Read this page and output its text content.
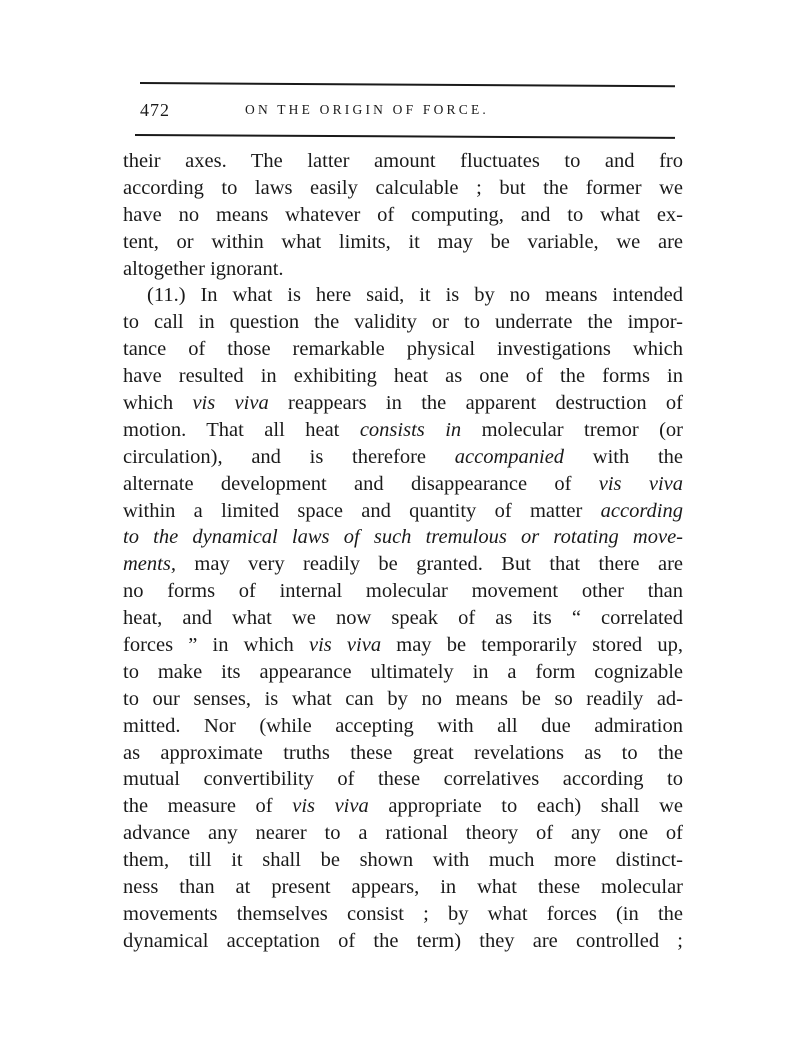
472	ON THE ORIGIN OF FORCE.
their axes. The latter amount fluctuates to and fro
according to laws easily calculable ; but the former we
have no means whatever of computing, and to what ex-
tent, or within what limits, it may be variable, we are
altogether ignorant.
(11.) In what is here said, it is by no means intended
to call in question the validity or to underrate the impor-
tance of those remarkable physical investigations which
have resulted in exhibiting heat as one of the forms in
which vis viva reappears in the apparent destruction of
motion. That all heat consists in molecular tremor (or
circulation), and is therefore accompanied with the
alternate development and disappearance of vis viva
within a limited space and quantity of matter according
to the dynamical laws of such tremulous or rotating move-
ments, may very readily be granted. But that there are
no forms of internal molecular movement other than
heat, and what we now speak of as its “ correlated
forces ” in which vis viva may be temporarily stored up,
to make its appearance ultimately in a form cognizable
to our senses, is what can by no means be so readily ad-
mitted. Nor (while accepting with all due admiration
as approximate truths these great revelations as to the
mutual convertibility of these correlatives according to
the measure of vis viva appropriate to each) shall we
advance any nearer to a rational theory of any one of
them, till it shall be shown with much more distinct-
ness than at present appears, in what these molecular
movements themselves consist ; by what forces (in the
dynamical acceptation of the term) they are controlled ;
